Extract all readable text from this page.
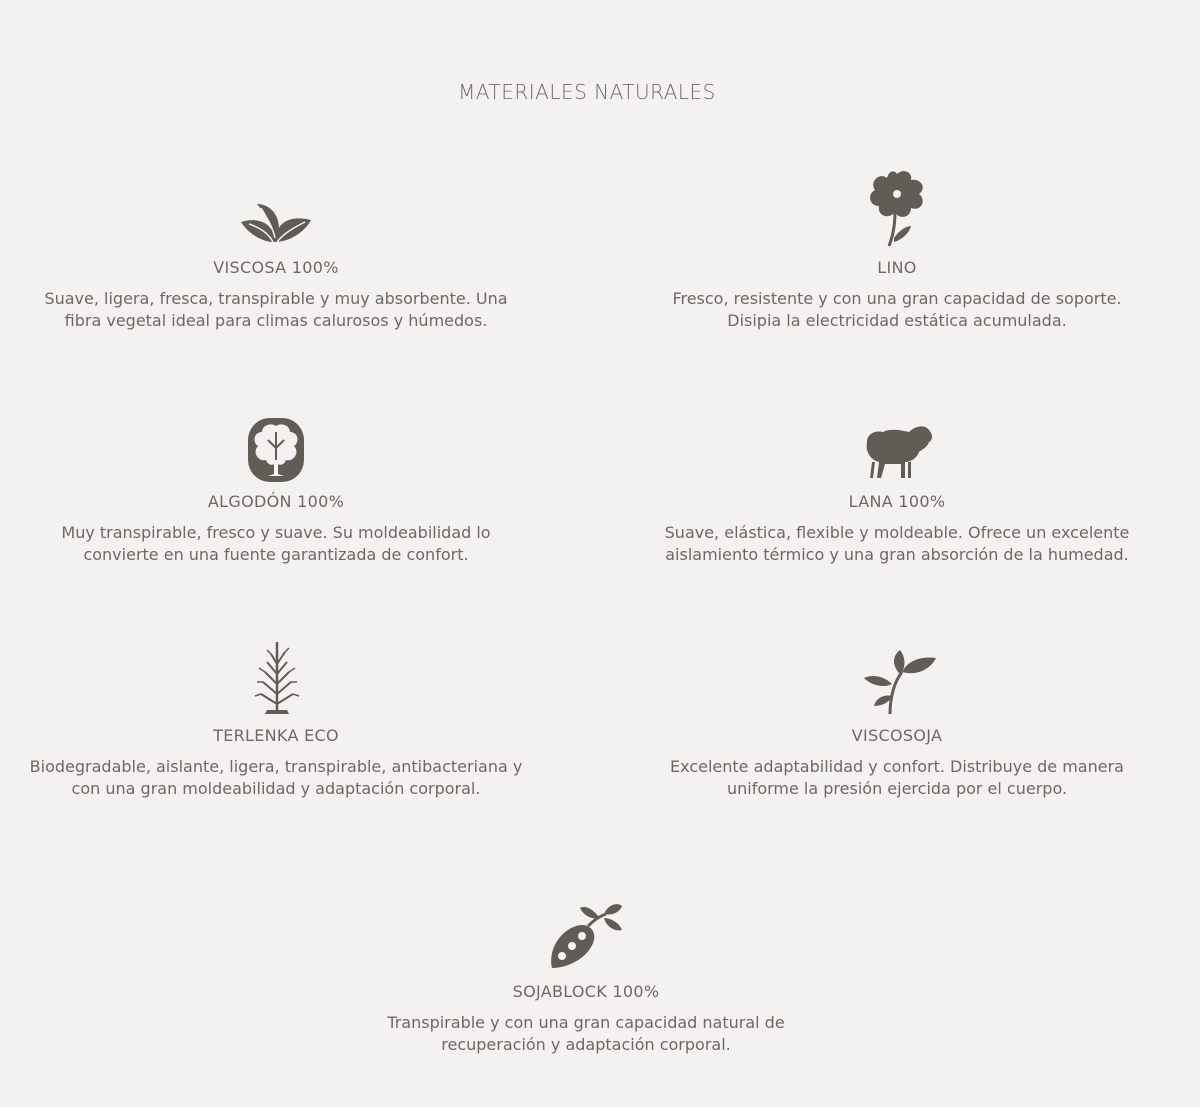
MATERIALES NATURALES
VISCOSA 100%
Suave, ligera, fresca, transpirable y muy absorbente. Una fibra vegetal ideal para climas calurosos y húmedos.
LINO
Fresco, resistente y con una gran capacidad de soporte. Disipia la electricidad estática acumulada.
ALGODÓN 100%
Muy transpirable, fresco y suave. Su moldeabilidad lo convierte en una fuente garantizada de confort.
LANA 100%
Suave, elástica, flexible y moldeable. Ofrece un excelente aislamiento térmico y una gran absorción de la humedad.
TERLENKA ECO
Biodegradable, aislante, ligera, transpirable, antibacteriana y con una gran moldeabilidad y adaptación corporal.
VISCOSOJA
Excelente adaptabilidad y confort. Distribuye de manera uniforme la presión ejercida por el cuerpo.
SOJABLOCK 100%
Transpirable y con una gran capacidad natural de recuperación y adaptación corporal.
